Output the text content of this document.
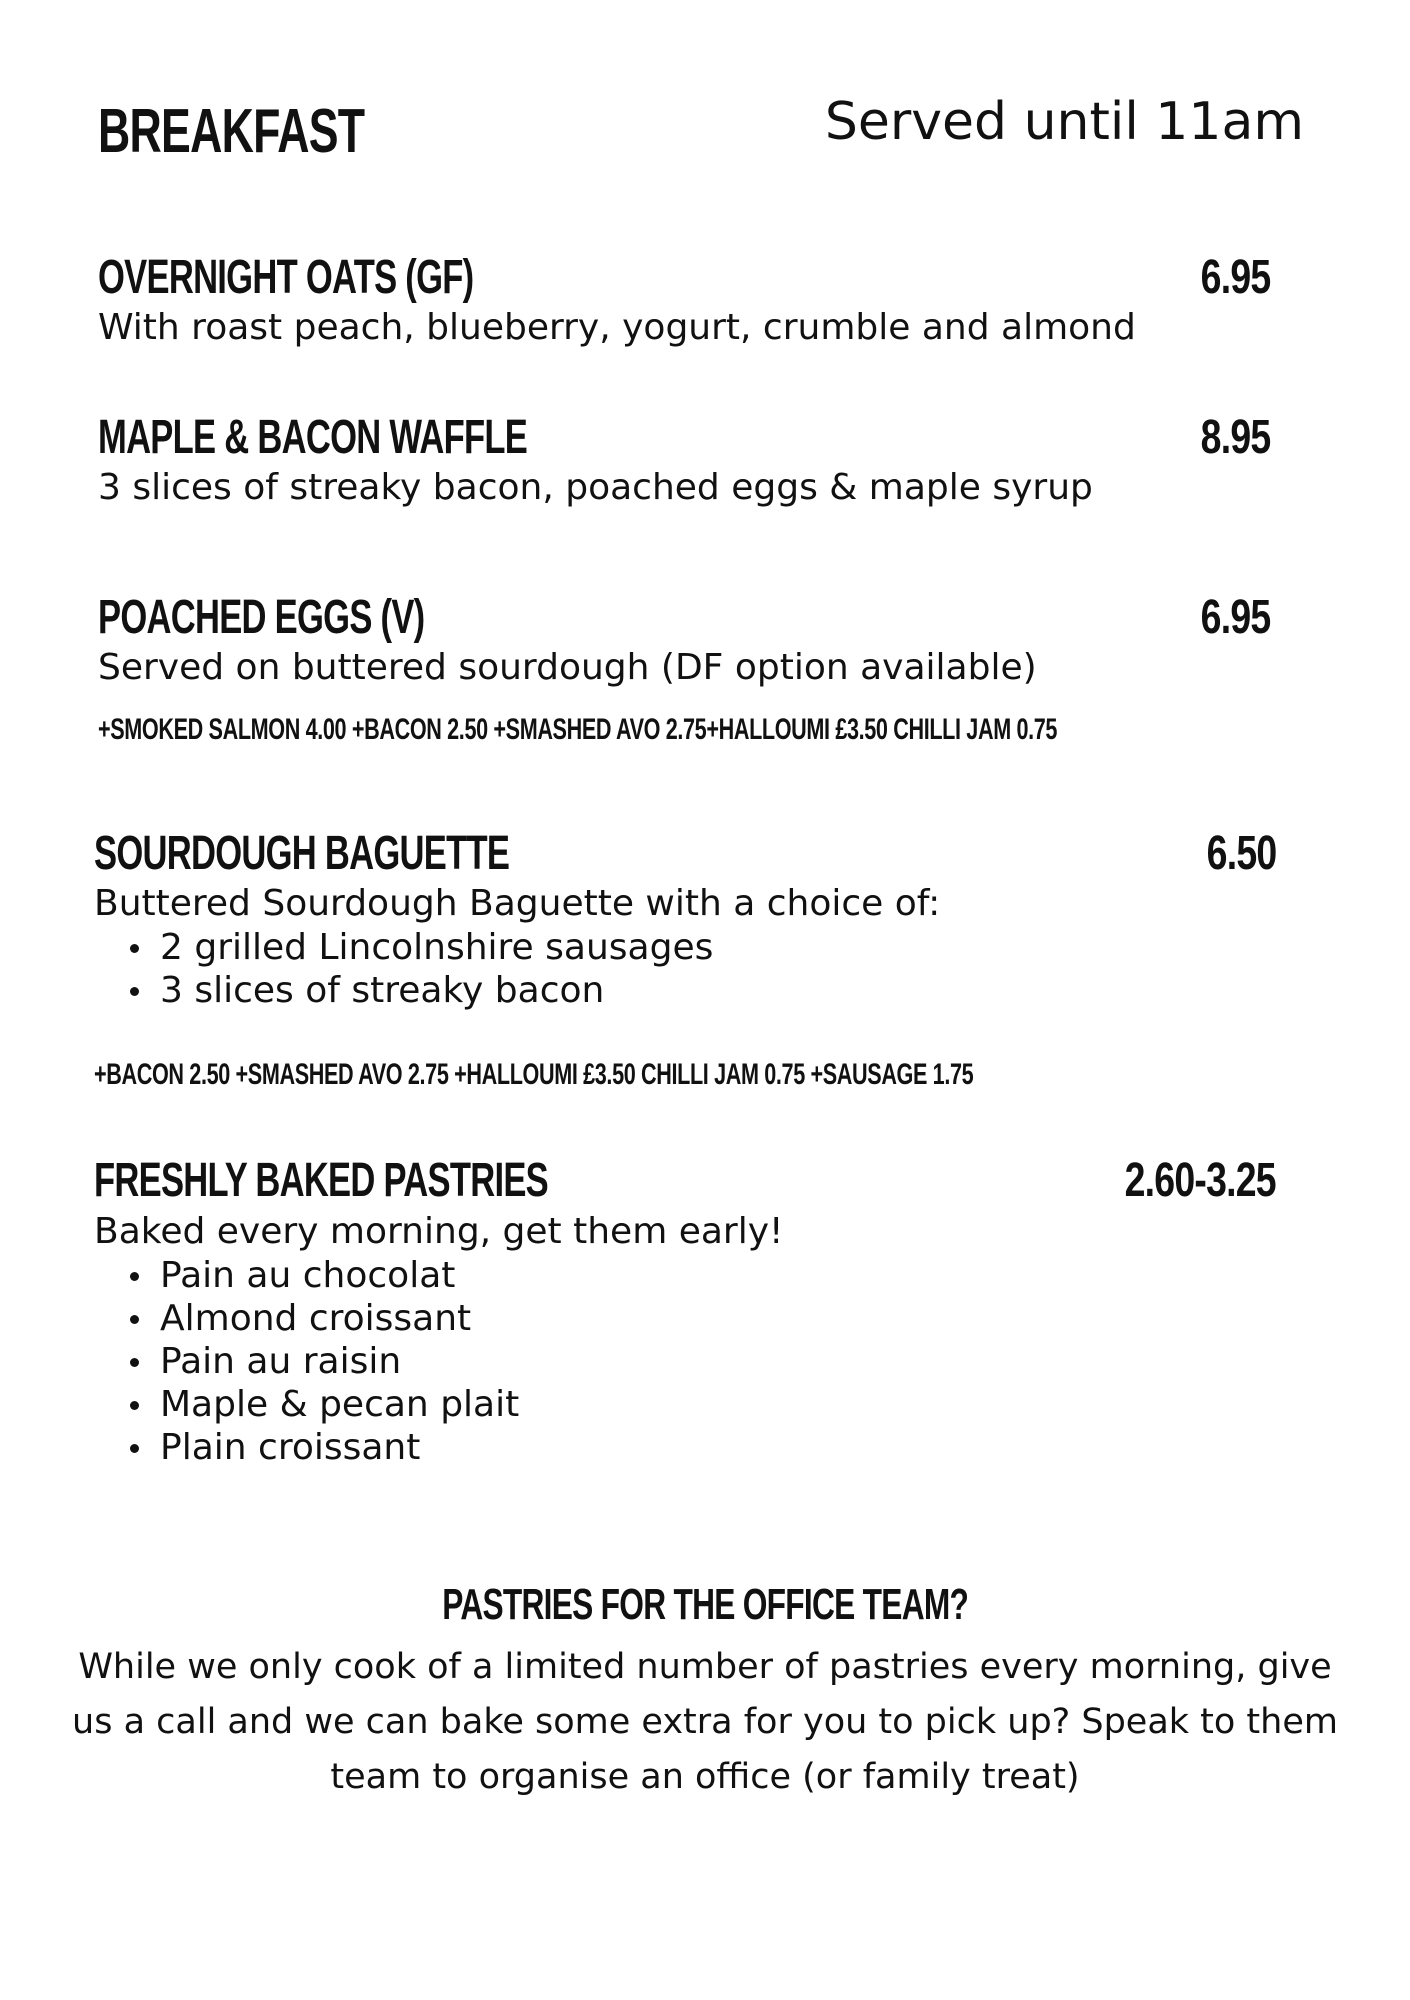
BREAKFAST	Served until 11am
OVERNIGHT OATS (GF)	6.95
With roast peach, blueberry, yogurt, crumble and almond
MAPLE & BACON WAFFLE	8.95
3 slices of streaky bacon, poached eggs & maple syrup
POACHED EGGS (V)	6.95
Served on buttered sourdough (DF option available)
+SMOKED SALMON 4.00 +BACON 2.50 +SMASHED AVO 2.75+HALLOUMI £3.50 CHILLI JAM 0.75
SOURDOUGH BAGUETTE	6.50
Buttered Sourdough Baguette with a choice of:
2 grilled Lincolnshire sausages
3 slices of streaky bacon
+BACON 2.50 +SMASHED AVO 2.75 +HALLOUMI £3.50 CHILLI JAM 0.75 +SAUSAGE 1.75
FRESHLY BAKED PASTRIES	2.60-3.25
Baked every morning, get them early!
Pain au chocolat
Almond croissant
Pain au raisin
Maple & pecan plait
Plain croissant
PASTRIES FOR THE OFFICE TEAM?
While we only cook of a limited number of pastries every morning, give us a call and we can bake some extra for you to pick up? Speak to them team to organise an office (or family treat)
